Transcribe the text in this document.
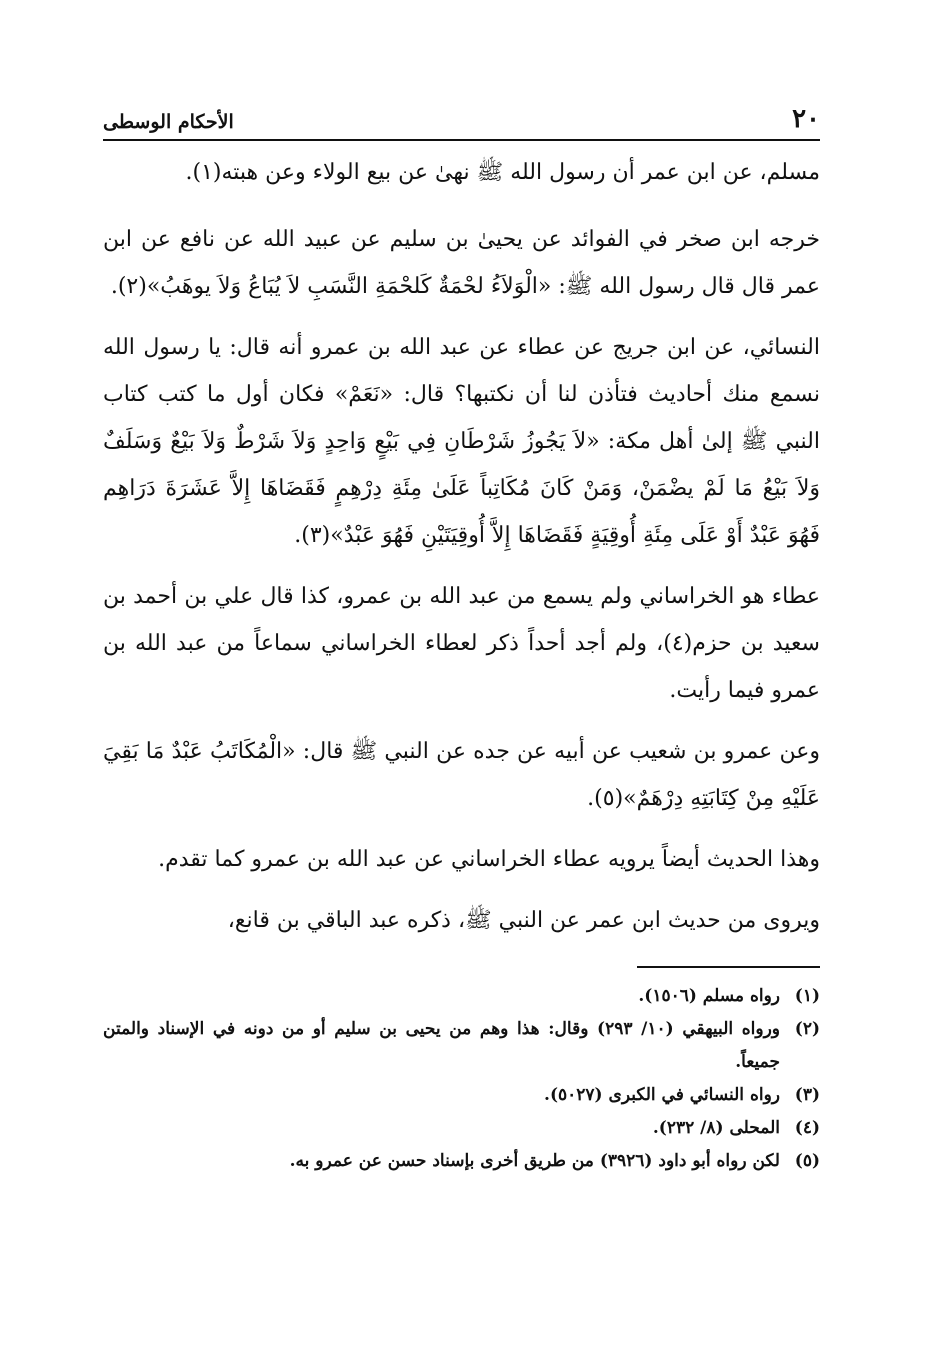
٢٠
الأحكام الوسطى

مسلم، عن ابن عمر أن رسول الله ﷺ نهىٰ عن بيع الولاء وعن هبته(١).

خرجه ابن صخر في الفوائد عن يحيىٰ بن سليم عن عبيد الله عن نافع عن ابن عمر قال قال رسول الله ﷺ: «الْوَلاَءُ لحْمَةٌ كَلحْمَةِ النَّسَبِ لاَ يُبَاعُ وَلاَ يوهَبُ»(٢).

النسائي، عن ابن جريج عن عطاء عن عبد الله بن عمرو أنه قال: يا رسول الله نسمع منك أحاديث فتأذن لنا أن نكتبها؟ قال: «نَعَمْ» فكان أول ما كتب كتاب النبي ﷺ إلىٰ أهل مكة: «لاَ يَجُوزُ شَرْطَانِ فِي بَيْعٍ وَاحِدٍ وَلاَ شَرْطٌ وَلاَ بَيْعٌ وَسَلَفٌ وَلاَ بَيْعُ مَا لَمْ يضْمَنْ، وَمَنْ كَانَ مُكَاتِباً عَلَىٰ مِئَةِ دِرْهِمٍ فَقَضَاهَا إِلاَّ عَشَرَةَ دَرَاهِم فَهُوَ عَبْدٌ أَوْ عَلَى مِئَةِ أُوقِيَةٍ فَقَضَاهَا إِلاَّ أُوقِيَتَيْنِ فَهُوَ عَبْدٌ»(٣).

عطاء هو الخراساني ولم يسمع من عبد الله بن عمرو، كذا قال علي بن أحمد بن سعيد بن حزم(٤)، ولم أجد أحداً ذكر لعطاء الخراساني سماعاً من عبد الله بن عمرو فيما رأيت.

وعن عمرو بن شعيب عن أبيه عن جده عن النبي ﷺ قال: «الْمُكَاتَبُ عَبْدٌ مَا بَقِيَ عَلَيْهِ مِنْ كِتَابَتِهِ دِرْهَمٌ»(٥).

وهذا الحديث أيضاً يرويه عطاء الخراساني عن عبد الله بن عمرو كما تقدم.

ويروى من حديث ابن عمر عن النبي ﷺ، ذكره عبد الباقي بن قانع،

(١)
رواه مسلم (١٥٠٦).
(٢)
ورواه البيهقي (١٠/ ٢٩٣) وقال: هذا وهم من يحيى بن سليم أو من دونه في الإسناد والمتن جميعاً.
(٣)
رواه النسائي في الكبرى (٥٠٢٧).
(٤)
المحلى (٨/ ٢٣٢).
(٥)
لكن رواه أبو داود (٣٩٢٦) من طريق أخرى بإسناد حسن عن عمرو به.
